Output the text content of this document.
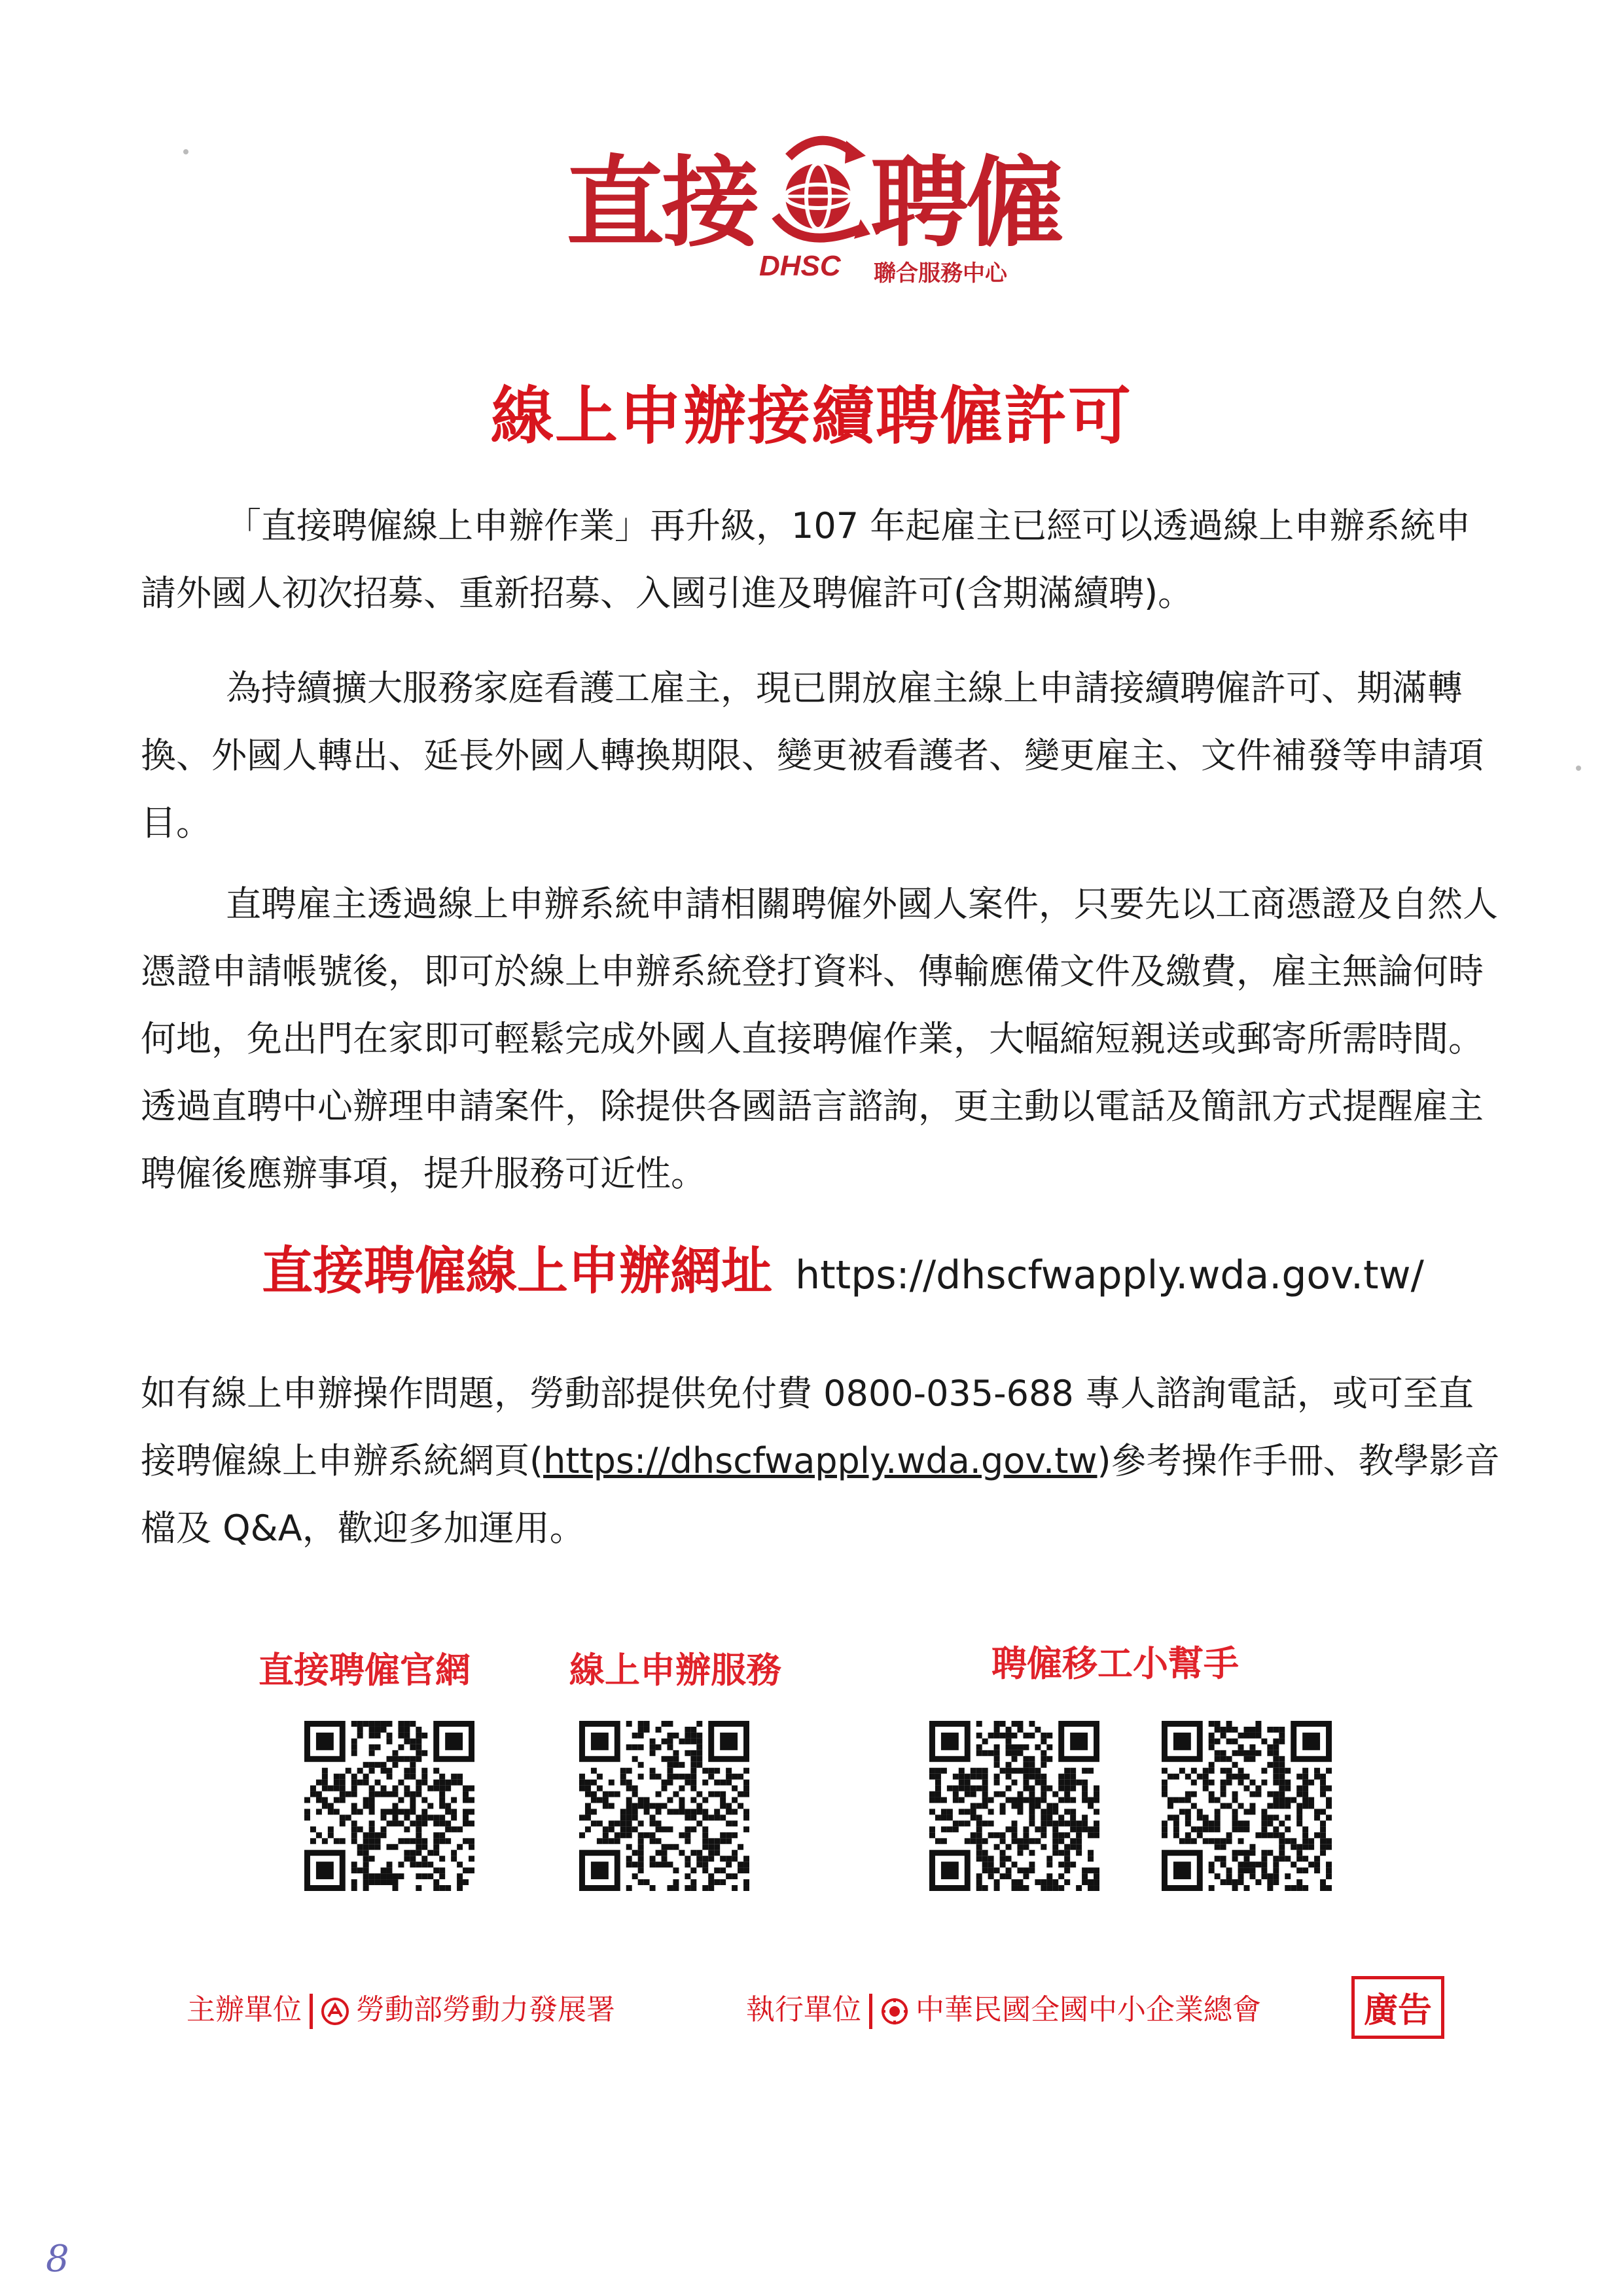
直接 聘僱
DHSC 聯合服務中心
線上申辦接續聘僱許可
「直接聘僱線上申辦作業」再升級，107 年起雇主已經可以透過線上申辦系統申請外國人初次招募、重新招募、入國引進及聘僱許可(含期滿續聘)。
為持續擴大服務家庭看護工雇主，現已開放雇主線上申請接續聘僱許可、期滿轉換、外國人轉出、延長外國人轉換期限、變更被看護者、變更雇主、文件補發等申請項目。
直聘雇主透過線上申辦系統申請相關聘僱外國人案件，只要先以工商憑證及自然人憑證申請帳號後，即可於線上申辦系統登打資料、傳輸應備文件及繳費，雇主無論何時何地，免出門在家即可輕鬆完成外國人直接聘僱作業，大幅縮短親送或郵寄所需時間。透過直聘中心辦理申請案件，除提供各國語言諮詢，更主動以電話及簡訊方式提醒雇主聘僱後應辦事項，提升服務可近性。
直接聘僱線上申辦網址 https://dhscfwapply.wda.gov.tw/
如有線上申辦操作問題，勞動部提供免付費 0800-035-688 專人諮詢電話，或可至直接聘僱線上申辦系統網頁(https://dhscfwapply.wda.gov.tw)參考操作手冊、教學影音檔及 Q&A，歡迎多加運用。
直接聘僱官網	線上申辦服務	聘僱移工小幫手
主辦單位 勞動部勞動力發展署	執行單位 中華民國全國中小企業總會	廣告
8
